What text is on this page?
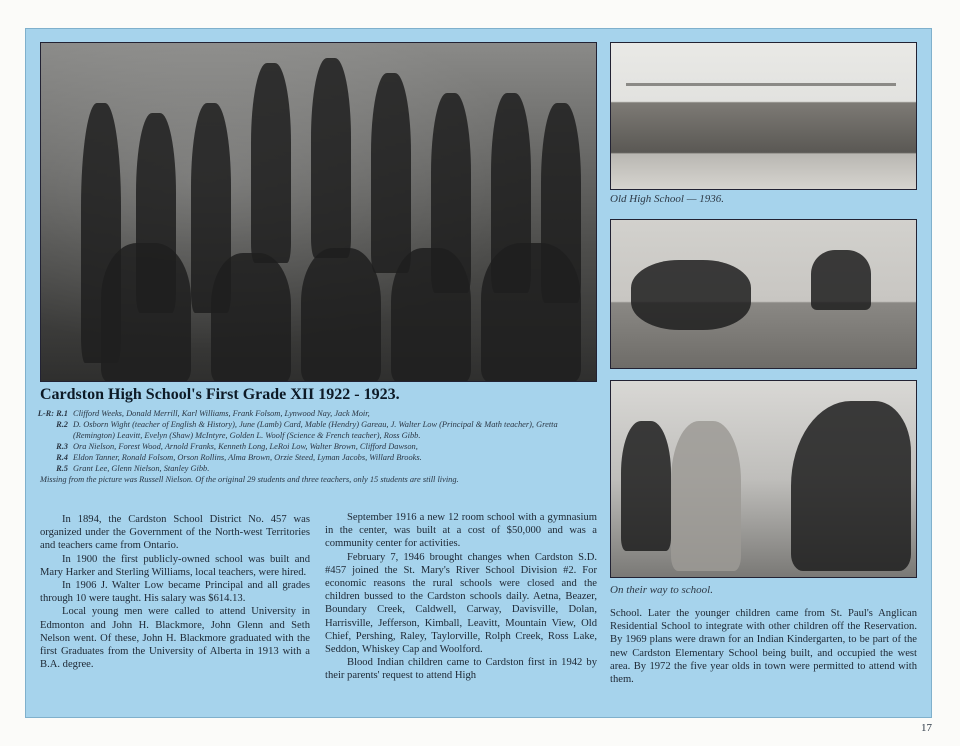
Old High School — 1936.
On their way to school.
Cardston High School's First Grade XII 1922 - 1923.
L-R: R.1 Clifford Weeks, Donald Merrill, Karl Williams, Frank Folsom, Lynwood Nay, Jack Moir,
R.2 D. Osborn Wight (teacher of English & History), June (Lamb) Card, Mable (Hendry) Gareau, J. Walter Low (Principal & Math teacher), Gretta (Remington) Leavitt, Evelyn (Shaw) McIntyre, Golden L. Woolf (Science & French teacher), Ross Gibb.
R.3 Ora Nielson, Forest Wood, Arnold Franks, Kenneth Long, LeRoi Low, Walter Brown, Clifford Dawson,
R.4 Eldon Tanner, Ronald Folsom, Orson Rollins, Alma Brown, Orzie Steed, Lyman Jacobs, Willard Brooks.
R.5 Grant Lee, Glenn Nielson, Stanley Gibb.
Missing from the picture was Russell Nielson. Of the original 29 students and three teachers, only 15 students are still living.

In 1894, the Cardston School District No. 457 was organized under the Government of the North-west Territories and teachers came from Ontario.

In 1900 the first publicly-owned school was built and Mary Harker and Sterling Williams, local teachers, were hired.

In 1906 J. Walter Low became Principal and all grades through 10 were taught. His salary was $614.13.

Local young men were called to attend University in Edmonton and John H. Blackmore, John Glenn and Seth Nelson went. Of these, John H. Blackmore graduated with the first Graduates from the University of Alberta in 1913 with a B.A. degree.

September 1916 a new 12 room school with a gymnasium in the center, was built at a cost of $50,000 and was a community center for activities.

February 7, 1946 brought changes when Cardston S.D. #457 joined the St. Mary's River School Division #2. For economic reasons the rural schools were closed and the children bussed to the Cardston schools daily. Aetna, Beazer, Boundary Creek, Caldwell, Carway, Davisville, Dolan, Harrisville, Jefferson, Kimball, Leavitt, Mountain View, Old Chief, Pershing, Raley, Taylorville, Rolph Creek, Ross Lake, Seddon, Whiskey Cap and Woolford.

Blood Indian children came to Cardston first in 1942 by their parents' request to attend High

School. Later the younger children came from St. Paul's Anglican Residential School to integrate with other children off the Reservation. By 1969 plans were drawn for an Indian Kindergarten, to be part of the new Cardston Elementary School being built, and occupied the west area. By 1972 the five year olds in town were permitted to attend with them.

17
